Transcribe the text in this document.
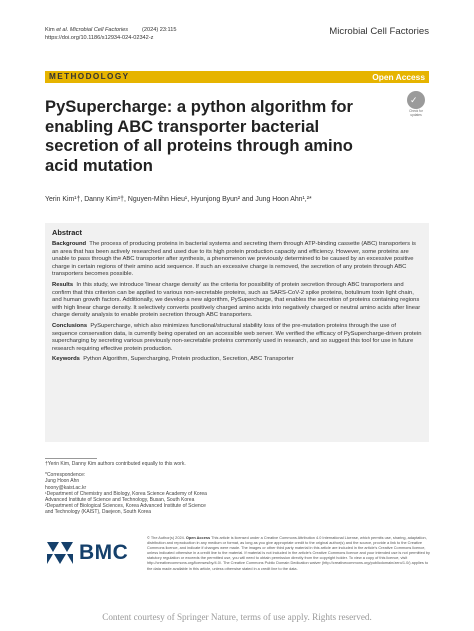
Kim et al. Microbial Cell Factories	(2024) 23:115
https://doi.org/10.1186/s12934-024-02342-z
Microbial Cell Factories
METHODOLOGY	Open Access
PySupercharge: a python algorithm for enabling ABC transporter bacterial secretion of all proteins through amino acid mutation
✓
Check for updates
Yerin Kim¹†, Danny Kim¹†, Nguyen-Mihn Hieu¹, Hyunjong Byun² and Jung Hoon Ahn¹,²*
Abstract

Background The process of producing proteins in bacterial systems and secreting them through ATP-binding cassette (ABC) transporters is an area that has been actively researched and used due to its high protein production capacity and efficiency. However, some proteins are unable to pass through the ABC transporter after synthesis, a phenomenon we previously determined to be caused by an excessive positive charge in certain regions of their amino acid sequence. If such an excessive charge is removed, the secretion of any protein through ABC transporters becomes possible.

Results In this study, we introduce 'linear charge density' as the criteria for possibility of protein secretion through ABC transporters and confirm that this criterion can be applied to various non-secretable proteins, such as SARS-CoV-2 spike proteins, botulinum toxin light chain, and human growth factors. Additionally, we develop a new algorithm, PySupercharge, that enables the secretion of proteins containing regions with high linear charge density. It selectively converts positively charged amino acids into negatively charged or neutral amino acids after linear charge density analysis to enable protein secretion through ABC transporters.

Conclusions PySupercharge, which also minimizes functional/structural stability loss of the pre-mutation proteins through the use of sequence conservation data, is currently being operated on an accessible web server. We verified the efficacy of PySupercharge-driven protein supercharging by secreting various previously non-secretable proteins commonly used in research, and so suggest this tool for use in future research requiring effective protein production.

Keywords Python Algorithm, Supercharging, Protein production, Secretion, ABC Transporter

†Yerin Kim, Danny Kim authors contributed equally to this work.
*Correspondence:
Jung Hoon Ahn
hoony@kaist.ac.kr
¹Department of Chemistry and Biology, Korea Science Academy of Korea
Advanced Institute of Science and Technology, Busan, South Korea
²Department of Biological Sciences, Korea Advanced Institute of Science
and Technology (KAIST), Daejeon, South Korea
BMC
© The Author(s) 2024. Open Access This article is licensed under a Creative Commons Attribution 4.0 International License, which permits use, sharing, adaptation, distribution and reproduction in any medium or format, as long as you give appropriate credit to the original author(s) and the source, provide a link to the Creative Commons licence, and indicate if changes were made. The images or other third party material in this article are included in the article's Creative Commons licence, unless indicated otherwise in a credit line to the material. If material is not included in the article's Creative Commons licence and your intended use is not permitted by statutory regulation or exceeds the permitted use, you will need to obtain permission directly from the copyright holder. To view a copy of this licence, visit http://creativecommons.org/licenses/by/4.0/. The Creative Commons Public Domain Dedication waiver (http://creativecommons.org/publicdomain/zero/1.0/) applies to the data made available in this article, unless otherwise stated in a credit line to the data.
Content courtesy of Springer Nature, terms of use apply. Rights reserved.
